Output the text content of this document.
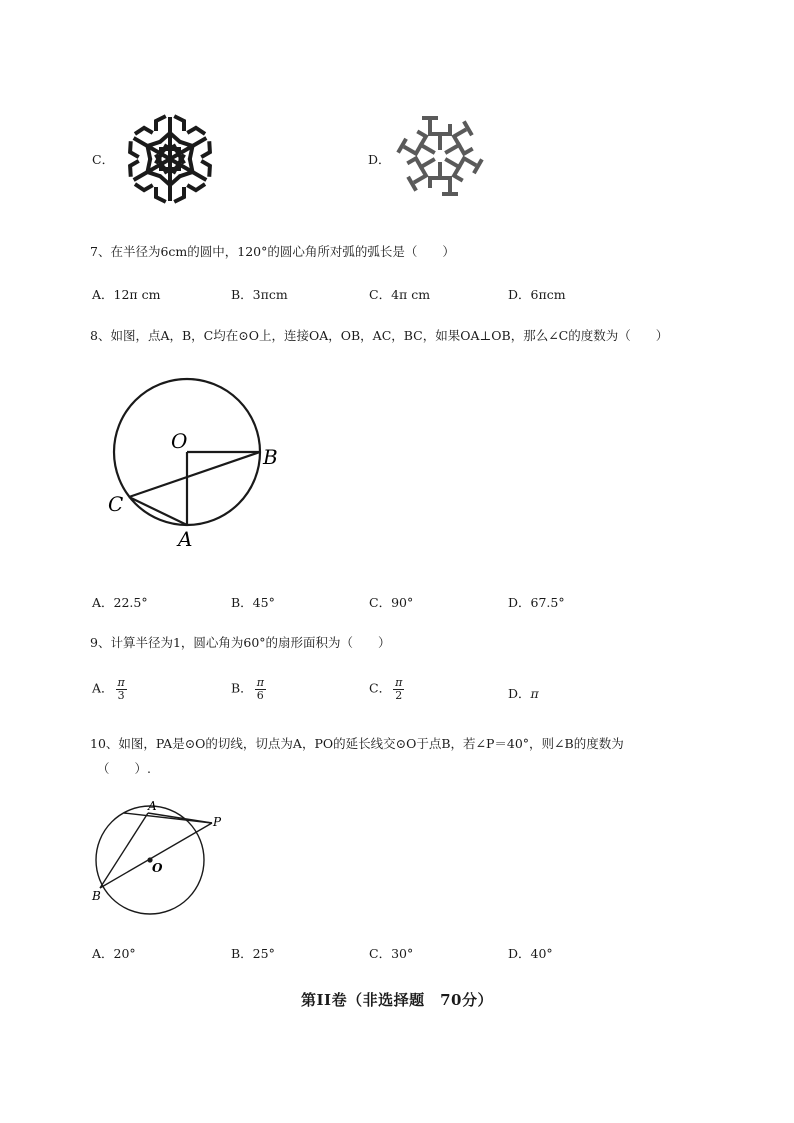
C．	D．
7、在半径为6cm的圆中，120°的圆心角所对弧的弧长是（　　）
A．12π cm	B．3πcm	C．4π cm	D．6πcm
8、如图，点A，B，C均在⊙O上，连接OA，OB，AC，BC，如果OA⊥OB，那么∠C的度数为（　　）
O
B
C
A
A．22.5°	B．45°	C．90°	D．67.5°
9、计算半径为1，圆心角为60°的扇形面积为（　　）
A． $\frac{\pi}{3}$	B． $\frac{\pi}{6}$	C． $\frac{\pi}{2}$	D．π
10、如图，PA是⊙O的切线，切点为A，PO的延长线交⊙O于点B，若∠P＝40°，则∠B的度数为
（　　）.
A
P
O
B
A．20°	B．25°	C．30°	D．40°
第II卷（非选择题　70分）
